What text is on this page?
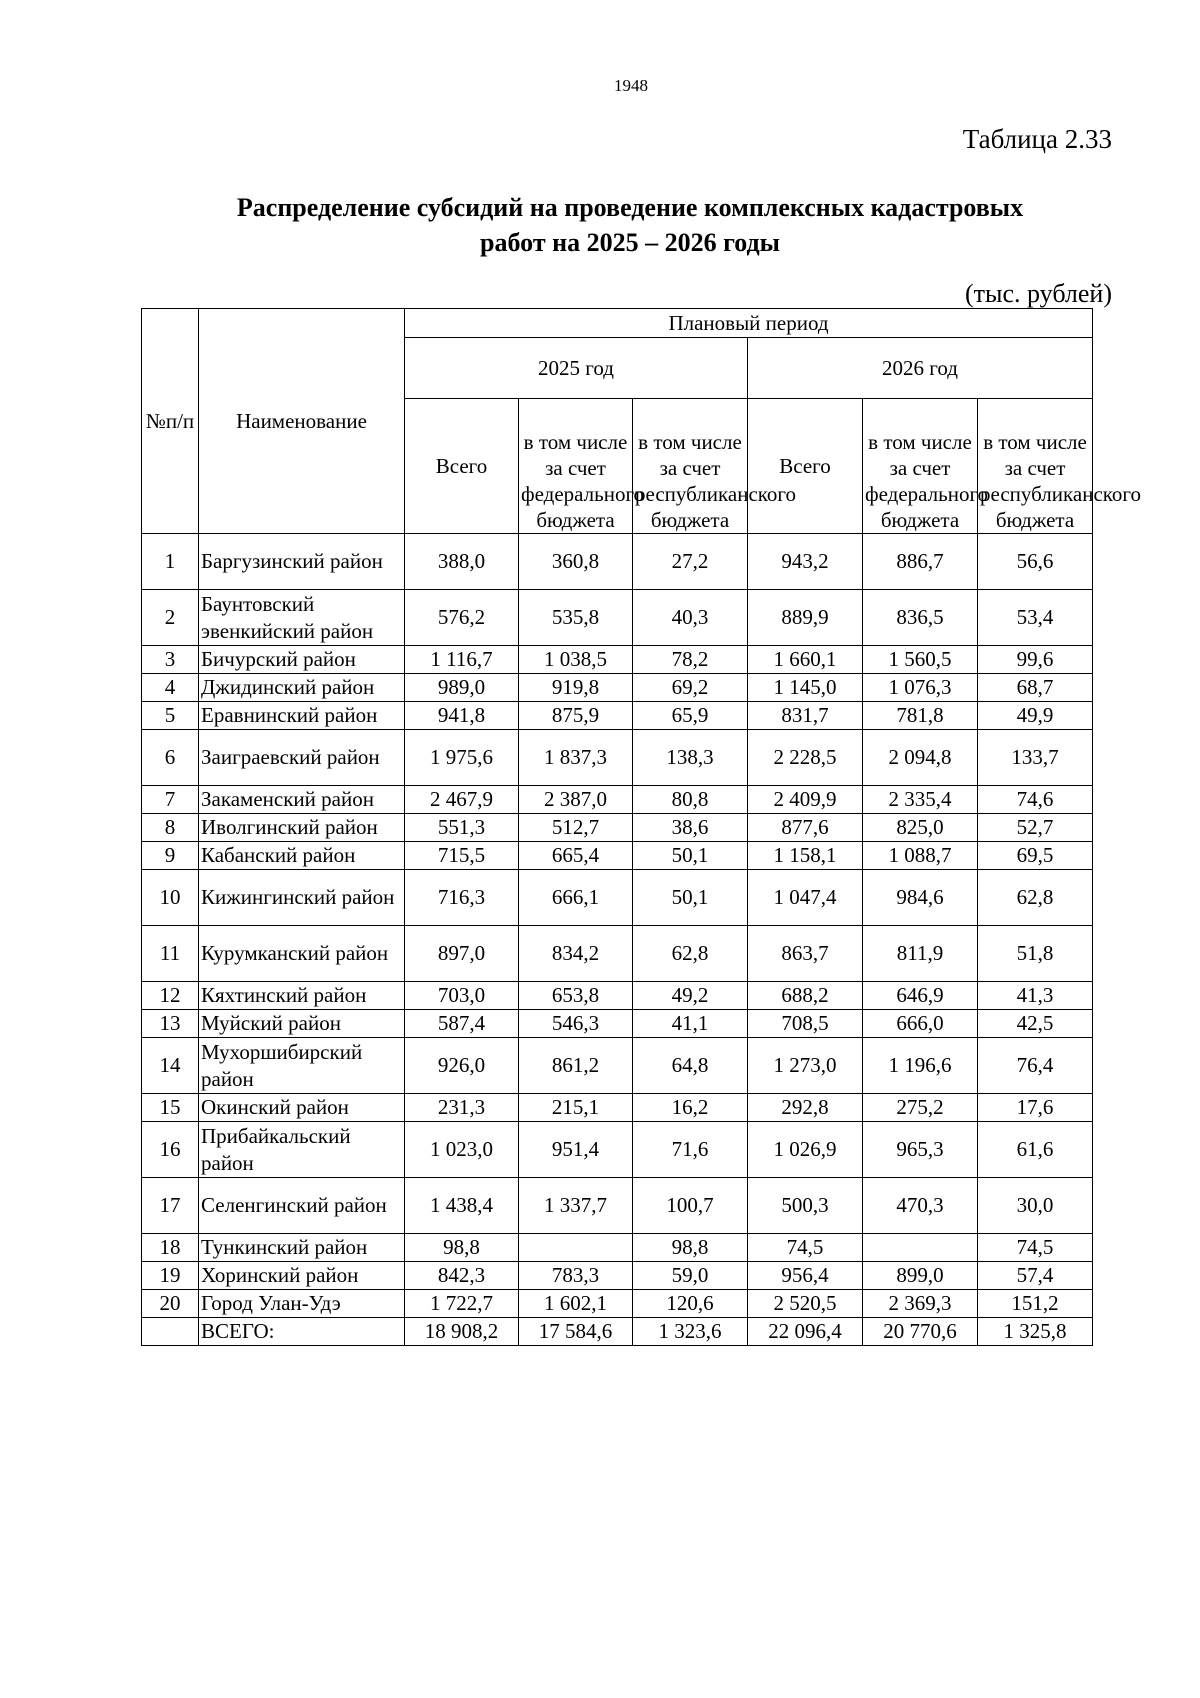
1948
Таблица 2.33
Распределение субсидий на проведение комплексных кадастровых
работ на 2025 – 2026 годы
(тыс. рублей)
№п/п	Наименование	Плановый период					
		2025 год			2026 год		
		Всего	в том числе за счет федерального бюджета	в том числе за счет республиканского бюджета	Всего	в том числе за счет федерального бюджета	в том числе за счет республиканского бюджета
1	Баргузинский район	388,0	360,8	27,2	943,2	886,7	56,6
2	Баунтовский эвенкийский район	576,2	535,8	40,3	889,9	836,5	53,4
3	Бичурский район	1 116,7	1 038,5	78,2	1 660,1	1 560,5	99,6
4	Джидинский район	989,0	919,8	69,2	1 145,0	1 076,3	68,7
5	Еравнинский район	941,8	875,9	65,9	831,7	781,8	49,9
6	Заиграевский район	1 975,6	1 837,3	138,3	2 228,5	2 094,8	133,7
7	Закаменский район	2 467,9	2 387,0	80,8	2 409,9	2 335,4	74,6
8	Иволгинский район	551,3	512,7	38,6	877,6	825,0	52,7
9	Кабанский район	715,5	665,4	50,1	1 158,1	1 088,7	69,5
10	Кижингинский район	716,3	666,1	50,1	1 047,4	984,6	62,8
11	Курумканский район	897,0	834,2	62,8	863,7	811,9	51,8
12	Кяхтинский район	703,0	653,8	49,2	688,2	646,9	41,3
13	Муйский район	587,4	546,3	41,1	708,5	666,0	42,5
14	Мухоршибирский район	926,0	861,2	64,8	1 273,0	1 196,6	76,4
15	Окинский район	231,3	215,1	16,2	292,8	275,2	17,6
16	Прибайкальский район	1 023,0	951,4	71,6	1 026,9	965,3	61,6
17	Селенгинский район	1 438,4	1 337,7	100,7	500,3	470,3	30,0
18	Тункинский район	98,8		98,8	74,5		74,5
19	Хоринский район	842,3	783,3	59,0	956,4	899,0	57,4
20	Город Улан-Удэ	1 722,7	1 602,1	120,6	2 520,5	2 369,3	151,2
	ВСЕГО:	18 908,2	17 584,6	1 323,6	22 096,4	20 770,6	1 325,8
